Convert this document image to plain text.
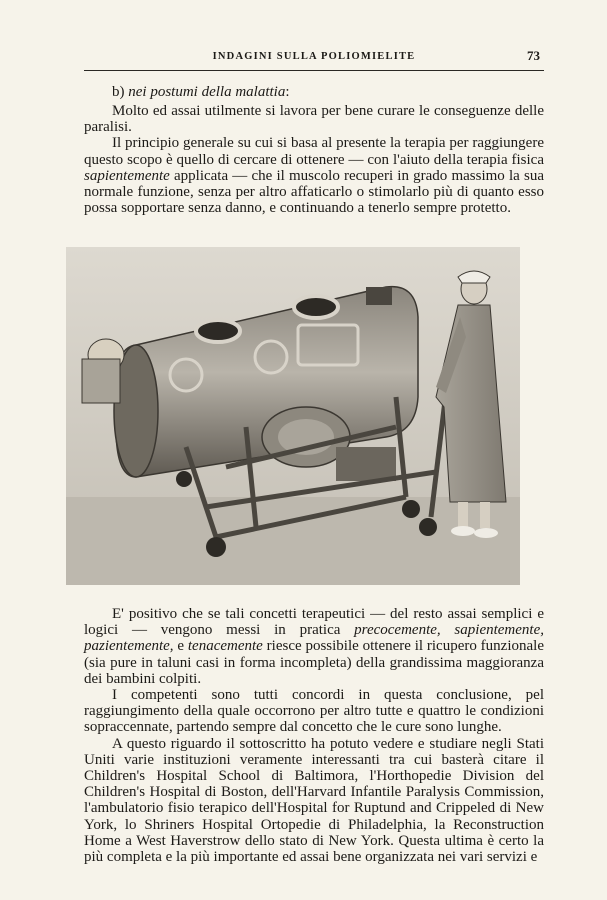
INDAGINI SULLA POLIOMIELITE	73
b) nei postumi della malattia:

Molto ed assai utilmente si lavora per bene curare le conseguenze delle paralisi.

Il principio generale su cui si basa al presente la terapia per raggiungere questo scopo è quello di cercare di ottenere — con l'aiuto della terapia fisica sapientemente applicata — che il muscolo recuperi in grado massimo la sua normale funzione, senza per altro affaticarlo o stimolarlo più di quanto esso possa sopportare senza danno, e continuando a tenerlo sempre protetto.

E' positivo che se tali concetti terapeutici — del resto assai semplici e logici — vengono messi in pratica precocemente, sapientemente, pazientemente, e tenacemente riesce possibile ottenere il ricupero funzionale (sia pure in taluni casi in forma incompleta) della grandissima maggioranza dei bambini colpiti.

I competenti sono tutti concordi in questa conclusione, pel raggiungimento della quale occorrono per altro tutte e quattro le condizioni sopraccennate, partendo sempre dal concetto che le cure sono lunghe.

A questo riguardo il sottoscritto ha potuto vedere e studiare negli Stati Uniti varie instituzioni veramente interessanti tra cui basterà citare il Children's Hospital School di Baltimora, l'Horthopedie Division del Children's Hospital di Boston, dell'Harvard Infantile Paralysis Commission, l'ambulatorio fisio terapico dell'Hospital for Ruptund and Crippeled di New York, lo Shriners Hospital Ortopedie di Philadelphia, la Reconstruction Home a West Haverstrow dello stato di New York. Questa ultima è certo la più completa e la più importante ed assai bene organizzata nei vari servizi e
